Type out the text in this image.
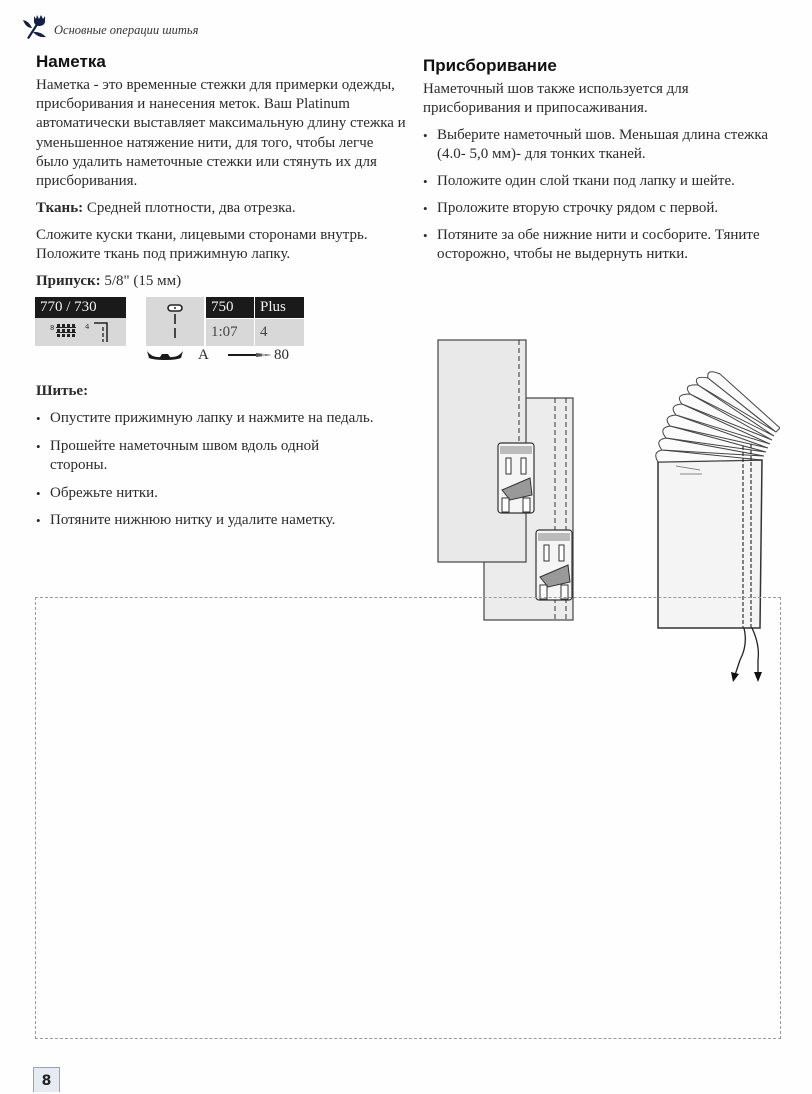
Основные операции шитья
Наметка
Наметка - это временные стежки для примерки одежды, присборивания и нанесения меток. Ваш Platinum автоматически выставляет максимальную длину стежка и уменьшенное натяжение нити, для того, чтобы легче было удалить наметочные стежки или стянуть их для присборивания.
Ткань: Средней плотности, два отрезка.
Сложите куски ткани, лицевыми сторонами внутрь. Положите ткань под прижимную лапку.
Припуск: 5/8" (15 мм)
770 / 730
8	4
750	Plus
1:07	4
A	80
Шитье:
• Опустите прижимную лапку и нажмите на педаль.
• Прошейте наметочным швом вдоль одной стороны.
• Обрежьте нитки.
• Потяните нижнюю нитку и удалите наметку.
Присборивание
Наметочный шов также используется для присборивания и припосаживания.
• Выберите наметочный шов. Меньшая длина стежка (4.0- 5,0 мм)- для тонких тканей.
• Положите один слой ткани под лапку и шейте.
• Проложите вторую строчку рядом с первой.
• Потяните за обе нижние нити и сосборите. Тяните осторожно, чтобы не выдернуть нитки.
8
